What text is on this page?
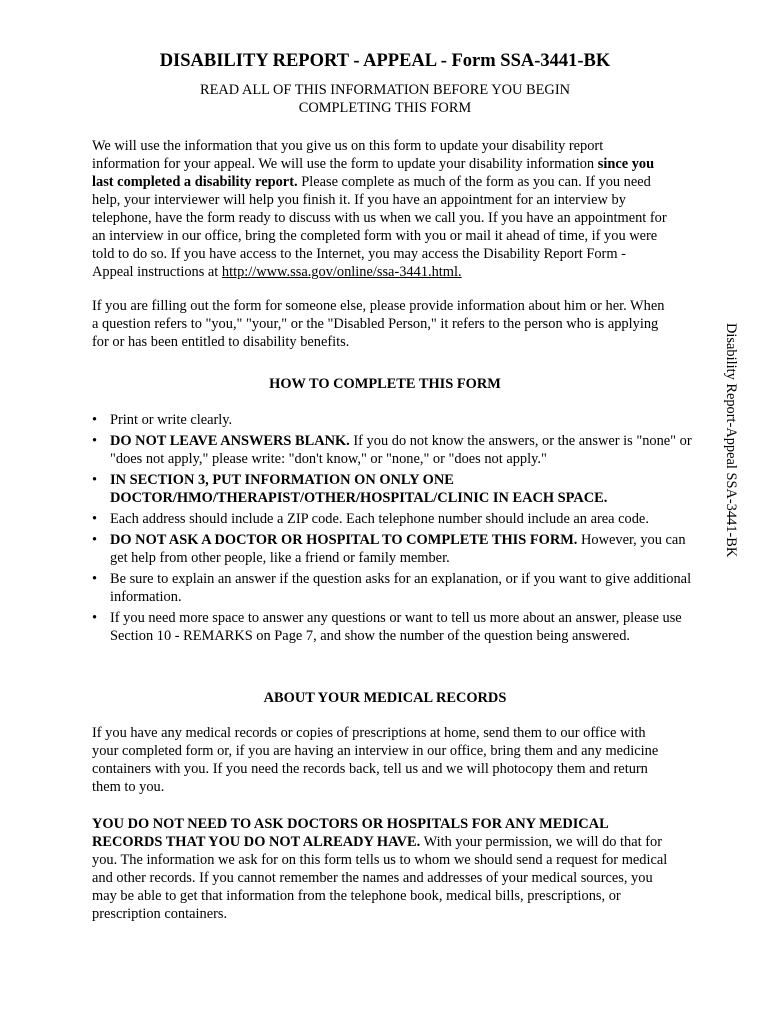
DISABILITY REPORT - APPEAL - Form SSA-3441-BK
READ ALL OF THIS INFORMATION BEFORE YOU BEGIN
COMPLETING THIS FORM

We will use the information that you give us on this form to update your disability report information for your appeal. We will use the form to update your disability information since you last completed a disability report. Please complete as much of the form as you can. If you need help, your interviewer will help you finish it. If you have an appointment for an interview by telephone, have the form ready to discuss with us when we call you. If you have an appointment for an interview in our office, bring the completed form with you or mail it ahead of time, if you were told to do so. If you have access to the Internet, you may access the Disability Report Form - Appeal instructions at http://www.ssa.gov/online/ssa-3441.html.

If you are filling out the form for someone else, please provide information about him or her. When a question refers to "you," "your," or the "Disabled Person," it refers to the person who is applying for or has been entitled to disability benefits.

HOW TO COMPLETE THIS FORM
• Print or write clearly.
• DO NOT LEAVE ANSWERS BLANK. If you do not know the answers, or the answer is "none" or "does not apply," please write: "don't know," or "none," or "does not apply."
• IN SECTION 3, PUT INFORMATION ON ONLY ONE DOCTOR/HMO/THERAPIST/OTHER/HOSPITAL/CLINIC IN EACH SPACE.
• Each address should include a ZIP code. Each telephone number should include an area code.
• DO NOT ASK A DOCTOR OR HOSPITAL TO COMPLETE THIS FORM. However, you can get help from other people, like a friend or family member.
• Be sure to explain an answer if the question asks for an explanation, or if you want to give additional information.
• If you need more space to answer any questions or want to tell us more about an answer, please use Section 10 - REMARKS on Page 7, and show the number of the question being answered.
ABOUT YOUR MEDICAL RECORDS

If you have any medical records or copies of prescriptions at home, send them to our office with your completed form or, if you are having an interview in our office, bring them and any medicine containers with you. If you need the records back, tell us and we will photocopy them and return them to you.

YOU DO NOT NEED TO ASK DOCTORS OR HOSPITALS FOR ANY MEDICAL RECORDS THAT YOU DO NOT ALREADY HAVE. With your permission, we will do that for you. The information we ask for on this form tells us to whom we should send a request for medical and other records. If you cannot remember the names and addresses of your medical sources, you may be able to get that information from the telephone book, medical bills, prescriptions, or prescription containers.

Disability Report-Appeal SSA-3441-BK
